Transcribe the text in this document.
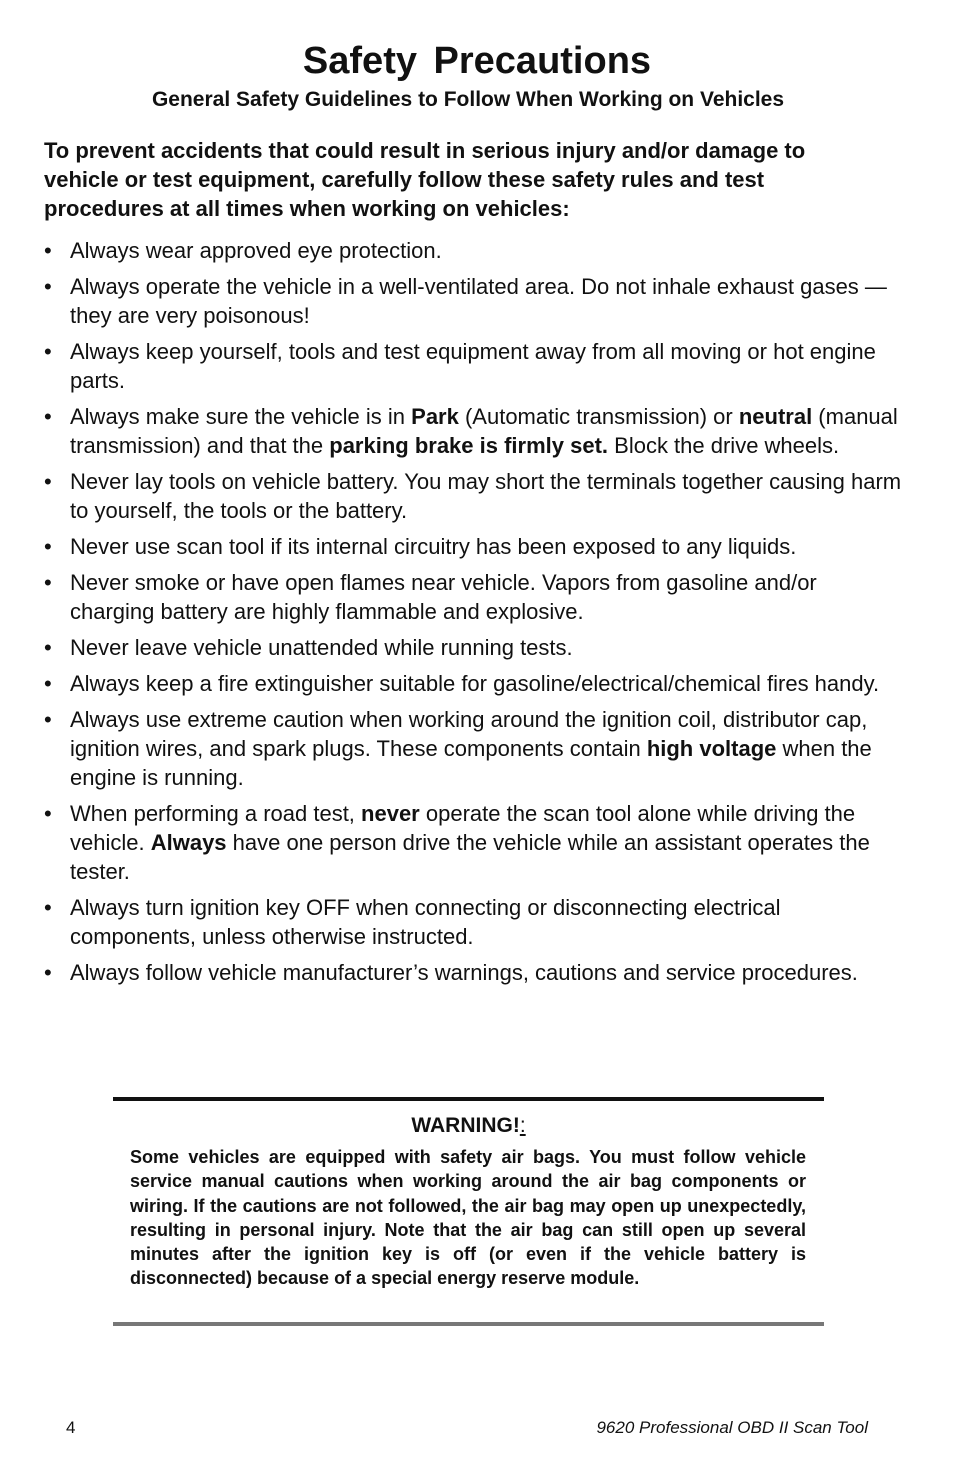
Safety Precautions
General Safety Guidelines to Follow When Working on Vehicles

To prevent accidents that could result in serious injury and/or damage to vehicle or test equipment, carefully follow these safety rules and test procedures at all times when working on vehicles:

• Always wear approved eye protection.
• Always operate the vehicle in a well-ventilated area. Do not inhale exhaust gases — they are very poisonous!
• Always keep yourself, tools and test equipment away from all moving or hot engine parts.
• Always make sure the vehicle is in Park (Automatic transmission) or neutral (manual transmission) and that the parking brake is firmly set. Block the drive wheels.
• Never lay tools on vehicle battery. You may short the terminals together causing harm to yourself, the tools or the battery.
• Never use scan tool if its internal circuitry has been exposed to any liquids.
• Never smoke or have open flames near vehicle. Vapors from gasoline and/or charging battery are highly flammable and explosive.
• Never leave vehicle unattended while running tests.
• Always keep a fire extinguisher suitable for gasoline/electrical/chemical fires handy.
• Always use extreme caution when working around the ignition coil, distributor cap, ignition wires, and spark plugs. These components contain high voltage when the engine is running.
• When performing a road test, never operate the scan tool alone while driving the vehicle. Always have one person drive the vehicle while an assistant operates the tester.
• Always turn ignition key OFF when connecting or disconnecting electrical components, unless otherwise instructed.
• Always follow vehicle manufacturer’s warnings, cautions and service procedures.
WARNING!:

Some vehicles are equipped with safety air bags. You must follow vehicle service manual cautions when working around the air bag components or wiring. If the cautions are not followed, the air bag may open up unexpectedly, resulting in personal injury. Note that the air bag can still open up several minutes after the ignition key is off (or even if the vehicle battery is disconnected) because of a special energy reserve module.

4	9620 Professional OBD II Scan Tool
